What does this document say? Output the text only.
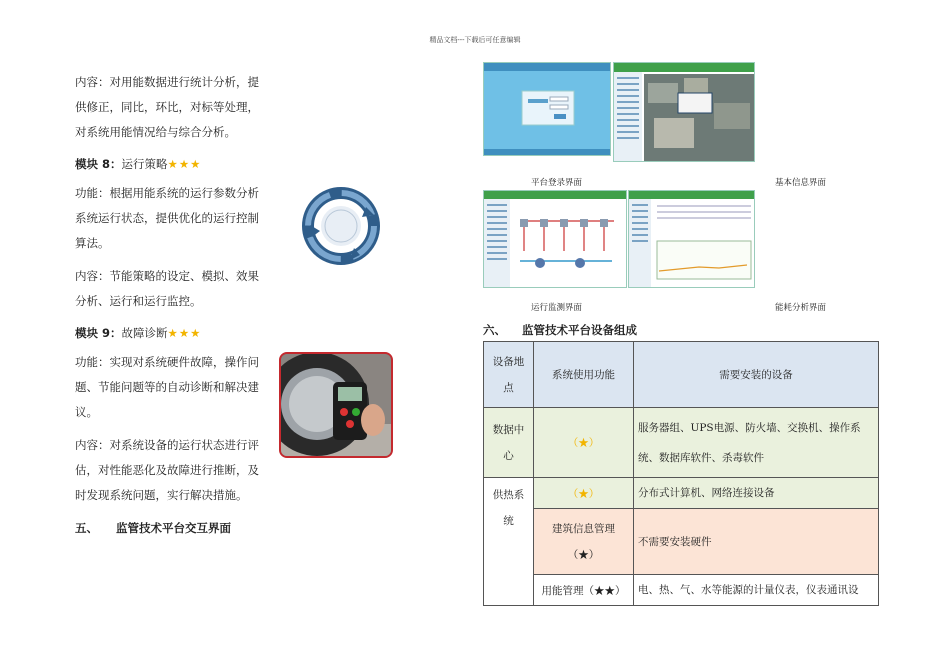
精品文档---下载后可任意编辑

内容：对用能数据进行统计分析，提供修正，同比，环比，对标等处理，对系统用能情况给与综合分析。

模块 8：运行策略★★★

功能：根据用能系统的运行参数分析系统运行状态，提供优化的运行控制算法。

内容：节能策略的设定、模拟、效果分析、运行和运行监控。

模块 9：故障诊断★★★

功能：实现对系统硬件故障，操作问题、节能问题等的自动诊断和解决建议。

内容：对系统设备的运行状态进行评估，对性能恶化及故障进行推断，及时发现系统问题，实行解决措施。

五、 监管技术平台交互界面
平台登录界面	基本信息界面
运行监测界面	能耗分析界面
六、 监管技术平台设备组成
设备地点	系统使用功能	需要安装的设备
数据中心	（★）	服务器组、UPS电源、防火墙、交换机、操作系统、数据库软件、杀毒软件
供热系统	（★）	分布式计算机、网络连接设备
	建筑信息管理（★）	不需要安装硬件
	用能管理（★★）	电、热、气、水等能源的计量仪表，仪表通讯设
